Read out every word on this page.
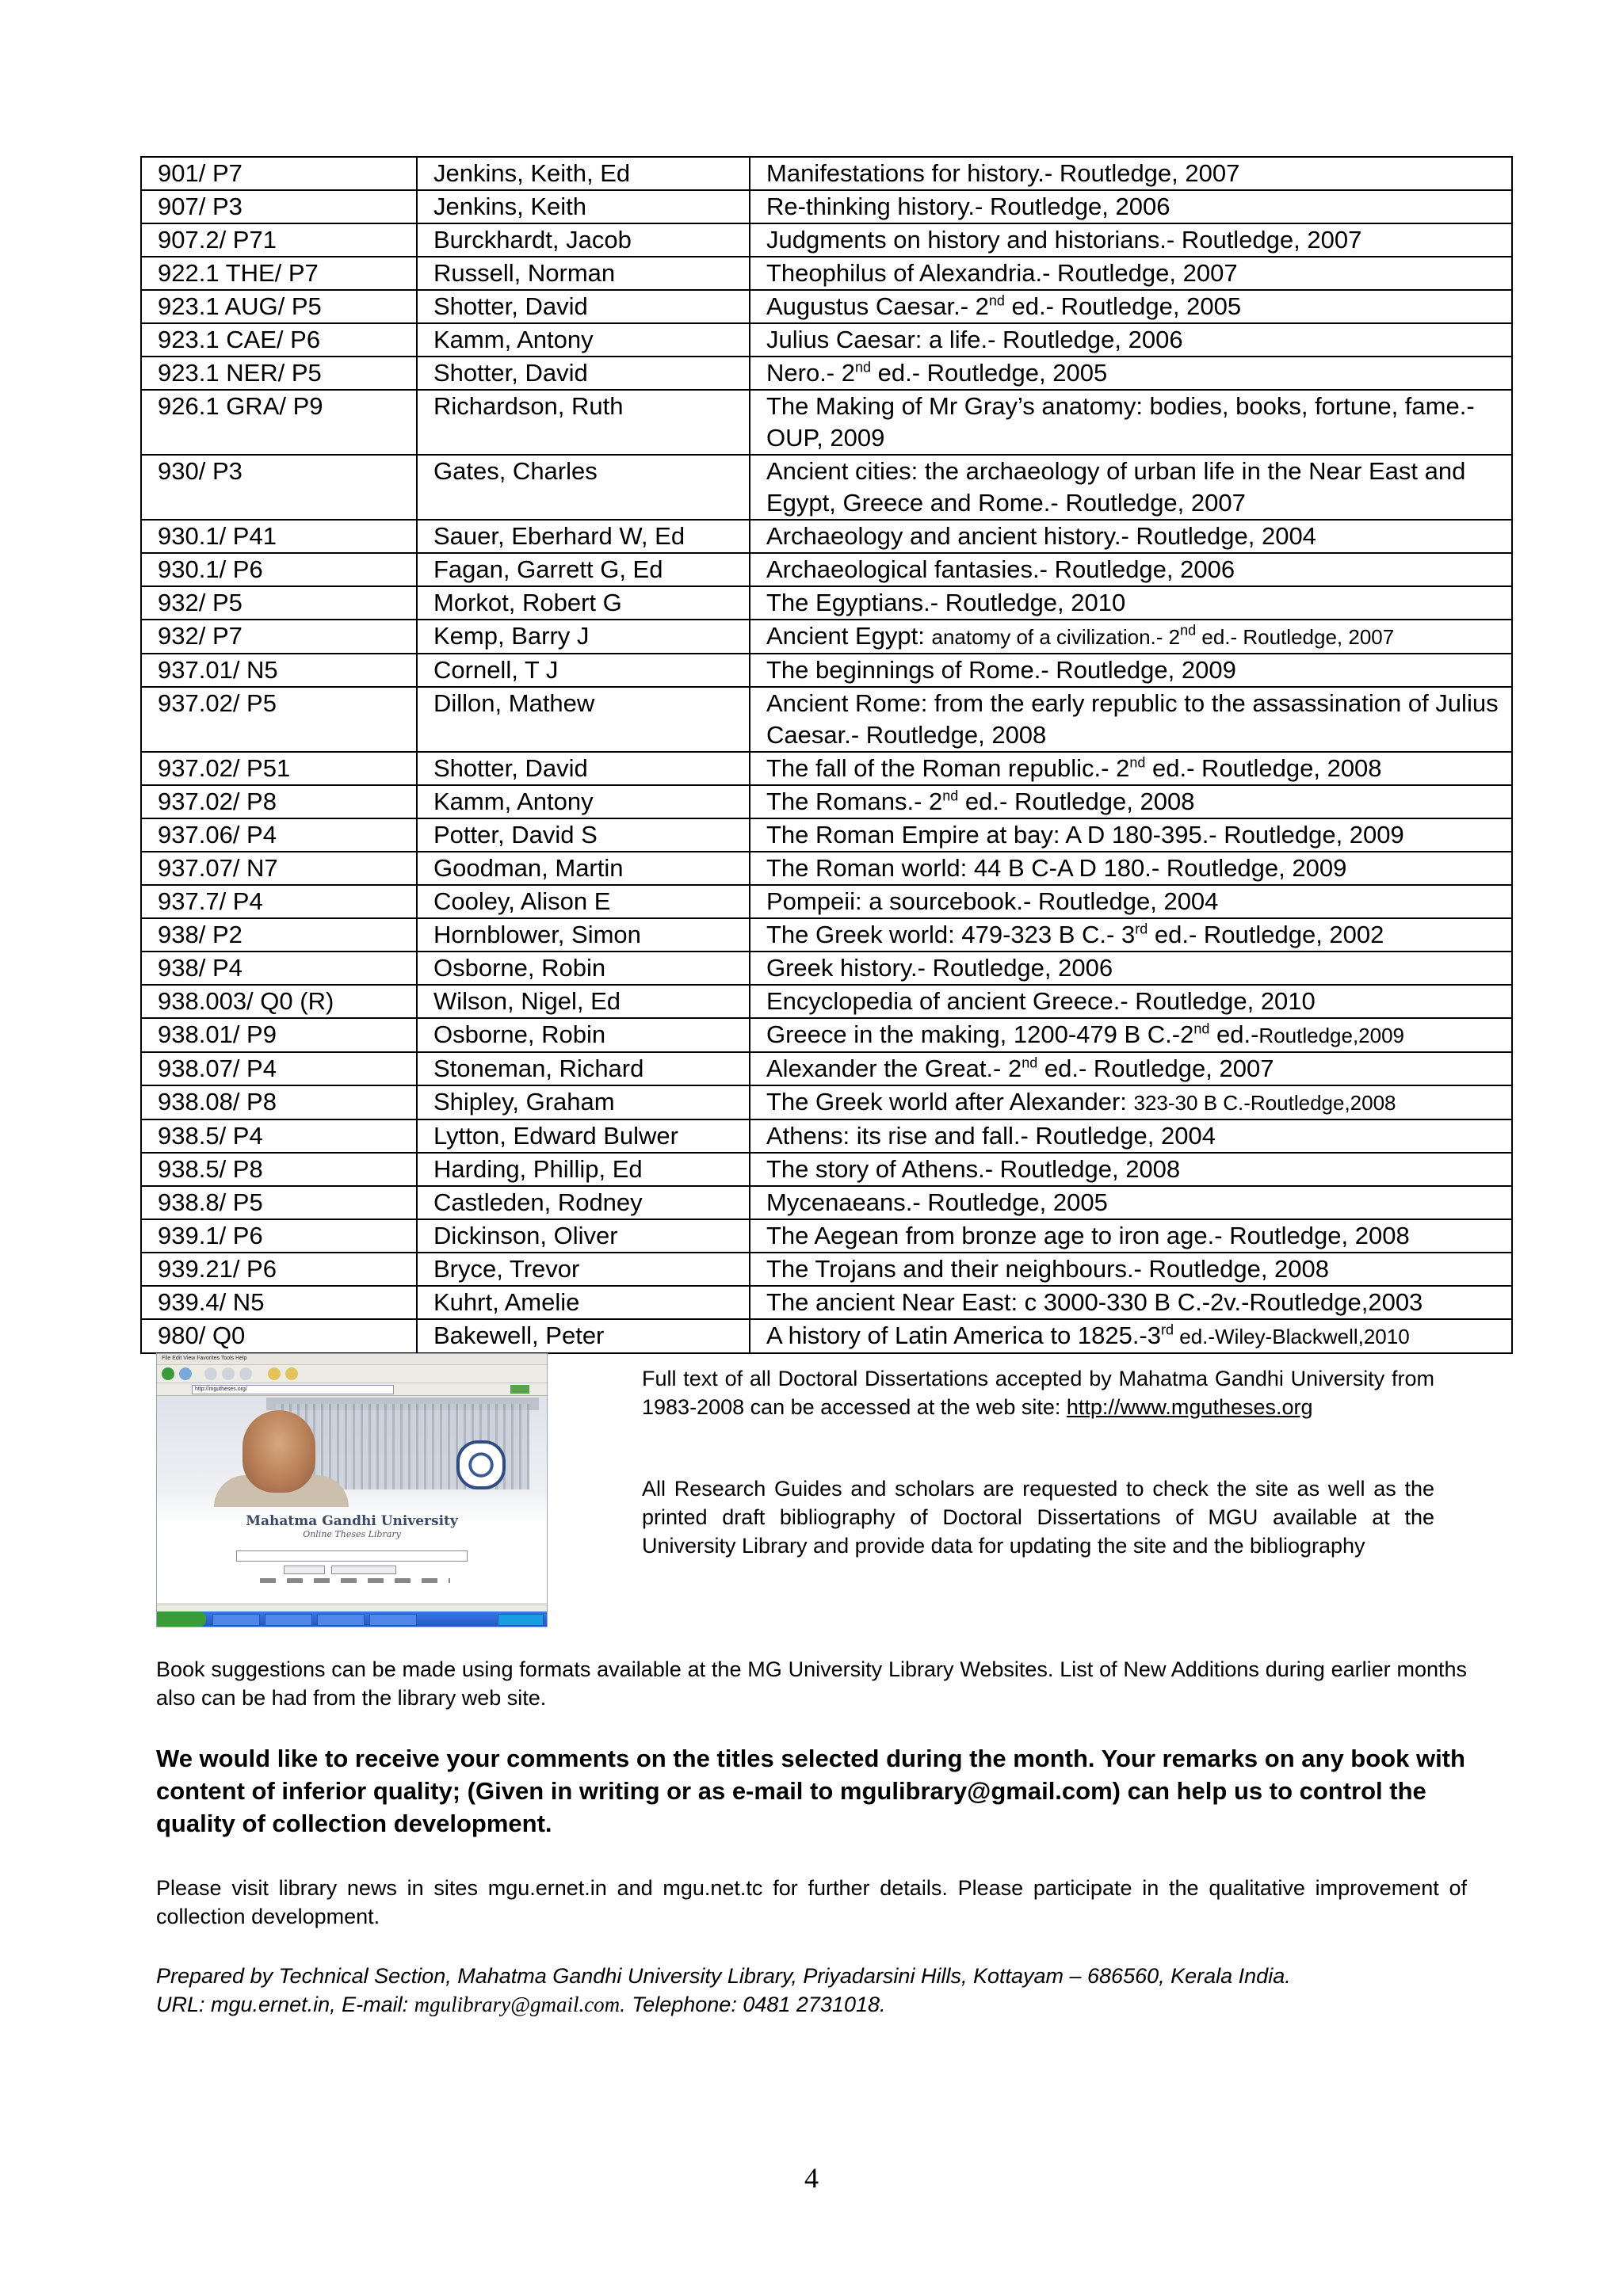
901/ P7	Jenkins, Keith, Ed	Manifestations for history.- Routledge, 2007
907/ P3	Jenkins, Keith	Re-thinking history.- Routledge, 2006
907.2/ P71	Burckhardt, Jacob	Judgments on history and historians.- Routledge, 2007
922.1 THE/ P7	Russell, Norman	Theophilus of Alexandria.- Routledge, 2007
923.1 AUG/ P5	Shotter, David	Augustus Caesar.- 2nd ed.- Routledge, 2005
923.1 CAE/ P6	Kamm, Antony	Julius Caesar: a life.- Routledge, 2006
923.1 NER/ P5	Shotter, David	Nero.- 2nd ed.- Routledge, 2005
926.1 GRA/ P9	Richardson, Ruth	The Making of Mr Gray’s anatomy: bodies, books, fortune, fame.- OUP, 2009
930/ P3	Gates, Charles	Ancient cities: the archaeology of urban life in the Near East and Egypt, Greece and Rome.- Routledge, 2007
930.1/ P41	Sauer, Eberhard W, Ed	Archaeology and ancient history.- Routledge, 2004
930.1/ P6	Fagan, Garrett G, Ed	Archaeological fantasies.- Routledge, 2006
932/ P5	Morkot, Robert G	The Egyptians.- Routledge, 2010
932/ P7	Kemp, Barry J	Ancient Egypt: anatomy of a civilization.- 2nd ed.- Routledge, 2007
937.01/ N5	Cornell, T J	The beginnings of Rome.- Routledge, 2009
937.02/ P5	Dillon, Mathew	Ancient Rome: from the early republic to the assassination of Julius Caesar.- Routledge, 2008
937.02/ P51	Shotter, David	The fall of the Roman republic.- 2nd ed.- Routledge, 2008
937.02/ P8	Kamm, Antony	The Romans.- 2nd ed.- Routledge, 2008
937.06/ P4	Potter, David S	The Roman Empire at bay: A D 180-395.- Routledge, 2009
937.07/ N7	Goodman, Martin	The Roman world: 44 B C-A D 180.- Routledge, 2009
937.7/ P4	Cooley, Alison E	Pompeii: a sourcebook.- Routledge, 2004
938/ P2	Hornblower, Simon	The Greek world: 479-323 B C.- 3rd ed.- Routledge, 2002
938/ P4	Osborne, Robin	Greek history.- Routledge, 2006
938.003/ Q0 (R)	Wilson, Nigel, Ed	Encyclopedia of ancient Greece.- Routledge, 2010
938.01/ P9	Osborne, Robin	Greece in the making, 1200-479 B C.-2nd ed.-Routledge,2009
938.07/ P4	Stoneman, Richard	Alexander the Great.- 2nd ed.- Routledge, 2007
938.08/ P8	Shipley, Graham	The Greek world after Alexander: 323-30 B C.-Routledge,2008
938.5/ P4	Lytton, Edward Bulwer	Athens: its rise and fall.- Routledge, 2004
938.5/ P8	Harding, Phillip, Ed	The story of Athens.- Routledge, 2008
938.8/ P5	Castleden, Rodney	Mycenaeans.- Routledge, 2005
939.1/ P6	Dickinson, Oliver	The Aegean from bronze age to iron age.- Routledge, 2008
939.21/ P6	Bryce, Trevor	The Trojans and their neighbours.- Routledge, 2008
939.4/ N5	Kuhrt, Amelie	The ancient Near East: c 3000-330 B C.-2v.-Routledge,2003
980/ Q0	Bakewell, Peter	A history of Latin America to 1825.-3rd ed.-Wiley-Blackwell,2010
File Edit View Favorites Tools Help
http://mgutheses.org/
Mahatma Gandhi University
Online Theses Library

Full text of all Doctoral Dissertations accepted by Mahatma Gandhi University from 1983-2008 can be accessed at the web site: http://www.mgutheses.org

All Research Guides and scholars are requested to check the site as well as the printed draft bibliography of Doctoral Dissertations of MGU available at the University Library and provide data for updating the site and the bibliography

Book suggestions can be made using formats available at the MG University Library Websites. List of New Additions during earlier months also can be had from the library web site.

We would like to receive your comments on the titles selected during the month. Your remarks on any book with content of inferior quality; (Given in writing or as e-mail to mgulibrary@gmail.com) can help us to control the quality of collection development.

Please visit library news in sites mgu.ernet.in and mgu.net.tc for further details. Please participate in the qualitative improvement of collection development.

Prepared by Technical Section, Mahatma Gandhi University Library, Priyadarsini Hills, Kottayam – 686560, Kerala India.

URL: mgu.ernet.in, E-mail: mgulibrary@gmail.com. Telephone: 0481 2731018.

4
